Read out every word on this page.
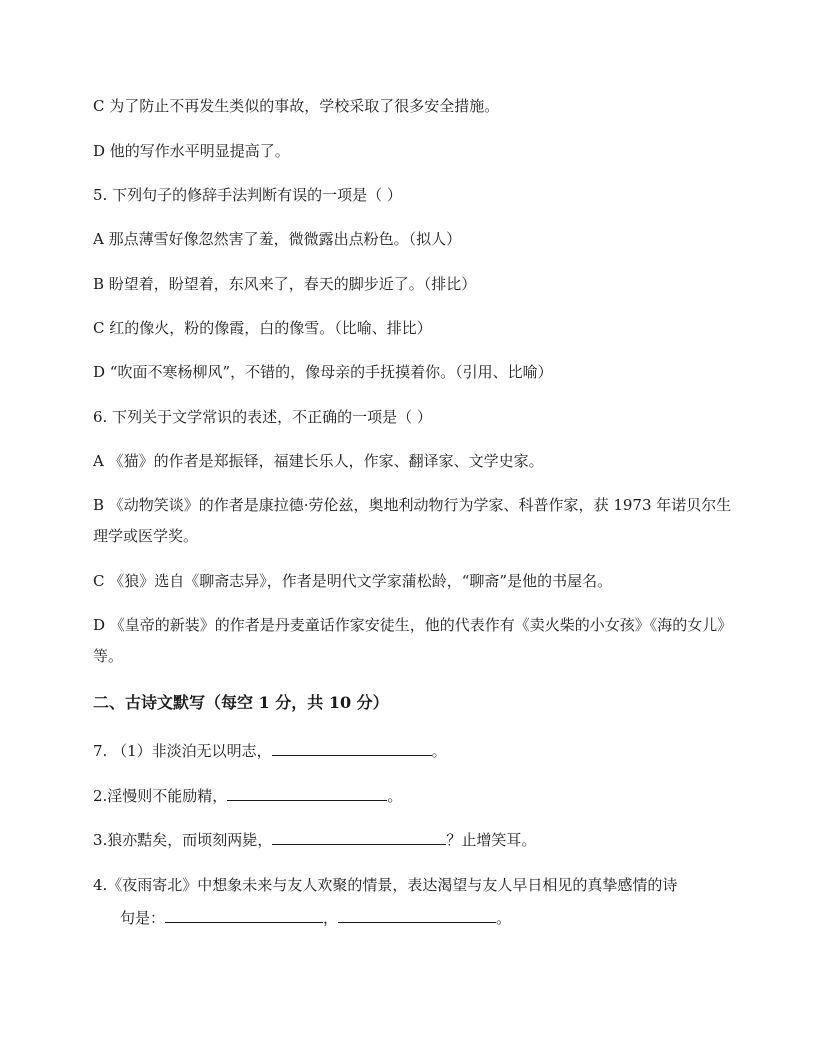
C 为了防止不再发生类似的事故，学校采取了很多安全措施。
D 他的写作水平明显提高了。
5. 下列句子的修辞手法判断有误的一项是（ ）
A 那点薄雪好像忽然害了羞，微微露出点粉色。（拟人）
B 盼望着，盼望着，东风来了，春天的脚步近了。（排比）
C 红的像火，粉的像霞，白的像雪。（比喻、排比）
D “吹面不寒杨柳风”，不错的，像母亲的手抚摸着你。（引用、比喻）
6. 下列关于文学常识的表述，不正确的一项是（ ）
A 《猫》的作者是郑振铎，福建长乐人，作家、翻译家、文学史家。
B 《动物笑谈》的作者是康拉德·劳伦兹，奥地利动物行为学家、科普作家，获 1973 年诺贝尔生理学或医学奖。
C 《狼》选自《聊斋志异》，作者是明代文学家蒲松龄，“聊斋”是他的书屋名。
D 《皇帝的新装》的作者是丹麦童话作家安徒生，他的代表作有《卖火柴的小女孩》《海的女儿》等。
二、古诗文默写（每空 1 分，共 10 分）
7. （1）非淡泊无以明志，	。
2.淫慢则不能励精，	。
3.狼亦黠矣，而顷刻两毙，	？止增笑耳。
4.《夜雨寄北》中想象未来与友人欢聚的情景，表达渴望与友人早日相见的真挚感情的诗
句是：	，	。
